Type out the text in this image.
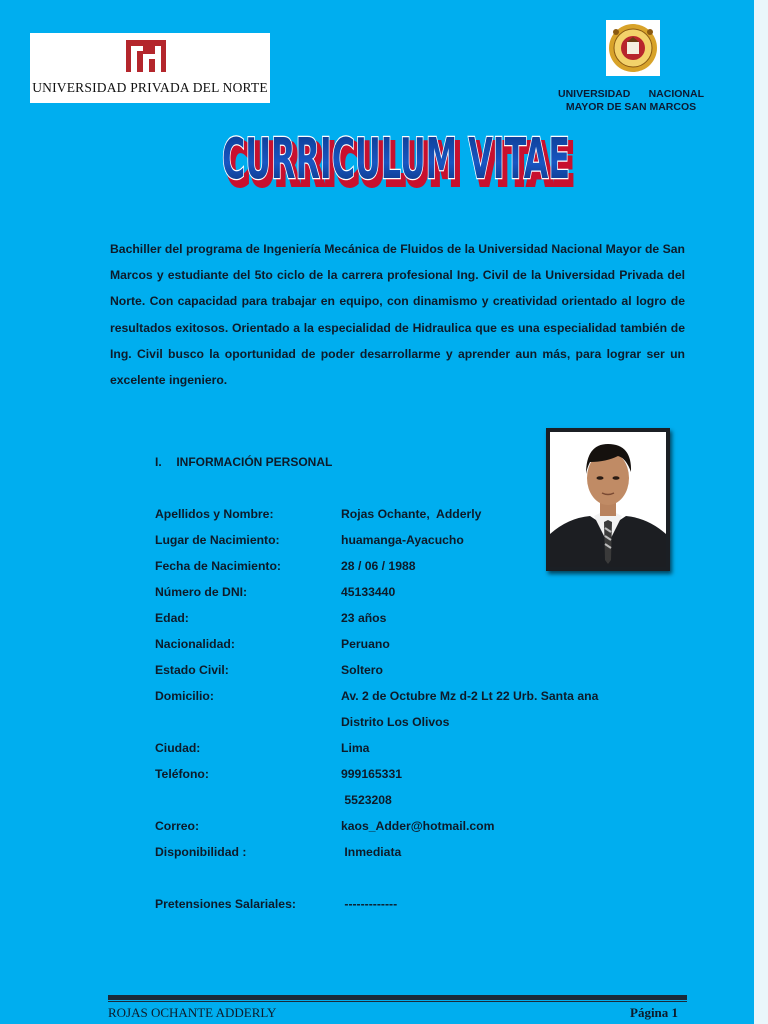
UNIVERSIDAD PRIVADA DEL NORTE	UNIVERSIDAD NACIONAL
MAYOR DE SAN MARCOS
CURRICULUM VITAE
CURRICULUM VITAE
Bachiller del programa de Ingeniería Mecánica de Fluidos de la Universidad Nacional Mayor de San Marcos y estudiante del 5to ciclo de la carrera profesional Ing. Civil de la Universidad Privada del Norte. Con capacidad para trabajar en equipo, con dinamismo y creatividad orientado al logro de resultados exitosos. Orientado a la especialidad de Hidraulica que es una especialidad también de Ing. Civil busco la oportunidad de poder desarrollarme y aprender aun más, para lograr ser un excelente ingeniero.
I. INFORMACIÓN PERSONAL
Apellidos y Nombre:	Rojas Ochante,  Adderly
Lugar de Nacimiento:	huamanga-Ayacucho
Fecha de Nacimiento:	28 / 06 / 1988
Número de DNI:	45133440
Edad:	23 años
Nacionalidad:	Peruano
Estado Civil:	Soltero
Domicilio:	Av. 2 de Octubre Mz d-2 Lt 22 Urb. Santa ana
Distrito Los Olivos
Ciudad:	Lima
Teléfono:	999165331
5523208
Correo:	kaos_Adder@hotmail.com
Disponibilidad :	Inmediata
Pretensiones Salariales:	-------------
ROJAS OCHANTE ADDERLY	Página 1
